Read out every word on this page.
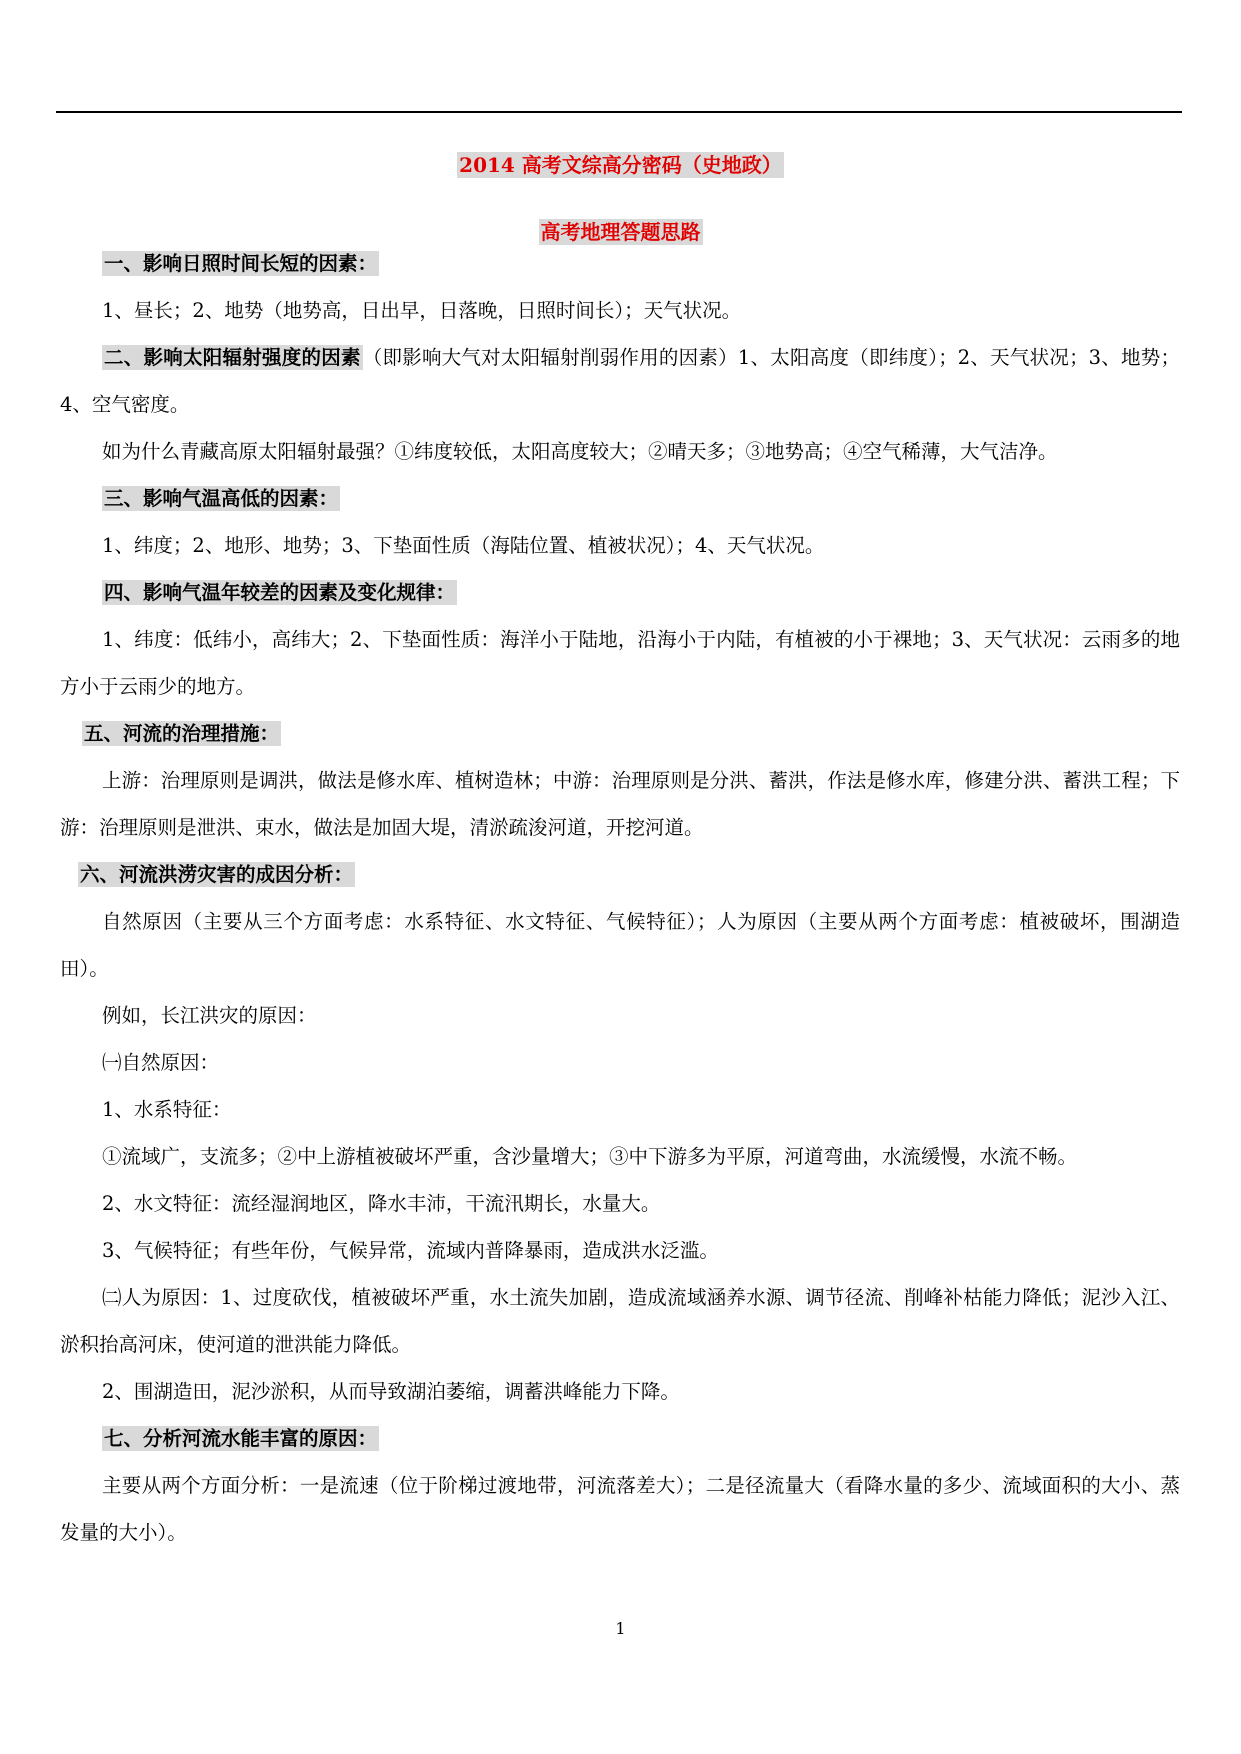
2014 高考文综高分密码（史地政）
高考地理答题思路

一、影响日照时间长短的因素：

1、昼长；2、地势（地势高，日出早，日落晚，日照时间长）；天气状况。

二、影响太阳辐射强度的因素 （即影响大气对太阳辐射削弱作用的因素）1、太阳高度（即纬度）；2、天气状况；3、地势；4、空气密度。

如为什么青藏高原太阳辐射最强？①纬度较低，太阳高度较大；②晴天多；③地势高；④空气稀薄，大气洁净。

三、影响气温高低的因素：

1、纬度；2、地形、地势；3、下垫面性质（海陆位置、植被状况）；4、天气状况。

四、影响气温年较差的因素及变化规律：

1、纬度：低纬小，高纬大；2、下垫面性质：海洋小于陆地，沿海小于内陆，有植被的小于裸地；3、天气状况：云雨多的地方小于云雨少的地方。

五、河流的治理措施：

上游：治理原则是调洪，做法是修水库、植树造林；中游：治理原则是分洪、蓄洪，作法是修水库，修建分洪、蓄洪工程；下游：治理原则是泄洪、束水，做法是加固大堤，清淤疏浚河道，开挖河道。

六、河流洪涝灾害的成因分析：

自然原因（主要从三个方面考虑：水系特征、水文特征、气候特征）；人为原因（主要从两个方面考虑：植被破坏，围湖造田）。

例如，长江洪灾的原因：

㈠自然原因：

1、水系特征：

①流域广，支流多；②中上游植被破坏严重，含沙量增大；③中下游多为平原，河道弯曲，水流缓慢，水流不畅。

2、水文特征：流经湿润地区，降水丰沛，干流汛期长，水量大。

3、气候特征；有些年份，气候异常，流域内普降暴雨，造成洪水泛滥。

㈡人为原因：1、过度砍伐，植被破坏严重，水土流失加剧，造成流域涵养水源、调节径流、削峰补枯能力降低；泥沙入江、淤积抬高河床，使河道的泄洪能力降低。

2、围湖造田，泥沙淤积，从而导致湖泊萎缩，调蓄洪峰能力下降。

七、分析河流水能丰富的原因：

主要从两个方面分析：一是流速（位于阶梯过渡地带，河流落差大）；二是径流量大（看降水量的多少、流域面积的大小、蒸发量的大小）。

1
